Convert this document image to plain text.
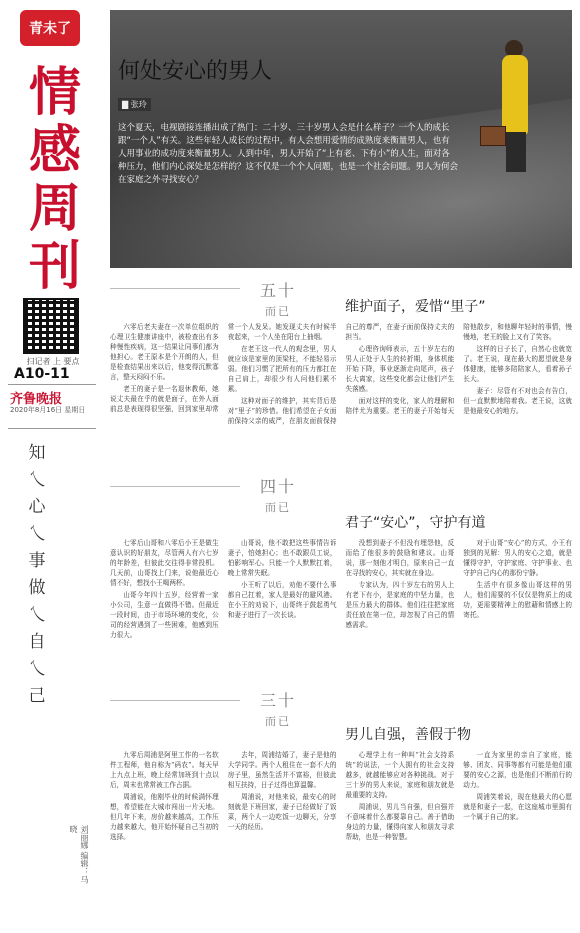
青未了
情
感
周
刊
扫记者 上 要点
A10-11
齐鲁晚报
2020年8月16日 星期日
知
乀
心
乀
事
做
乀
自
乀
己
刘丽娜 编辑：马晓
何处安心的男人
▇ 张玲
这个夏天，电视剧接连播出成了热门：二十岁、三十岁男人会是什么样子？一个人的成长跟“一个人”有关。这些年轻人成长的过程中，有人会想用爱情的成熟度来衡量男人，也有人用事业的成功度来衡量男人。人到中年，男人开始了“上有老、下有小”的人生，面对各种压力，他们内心深处是怎样的？这不仅是一个个人问题，也是一个社会问题。男人为何会在家庭之外寻找安心？
五十
而已	维护面子，爱惜“里子”

六零后老夫妻在一次单位组织的心理卫生健康讲座中，被检查出有多种慢性疾病，这一结果让同事们都为他担心。老王原本是个开朗的人，但是检查结果出来以后，他变得沉默寡言，整天闷闷不乐。

老王的妻子是一名退休教师，她说丈夫最在乎的就是面子，在外人面前总是表现得很坚强，回到家里却常常一个人发呆。她发现丈夫有时候半夜起来，一个人坐在阳台上抽烟。

在老王这一代人的观念里，男人就应该是家里的顶梁柱，不能轻易示弱。他们习惯了把所有的压力都扛在自己肩上，却很少有人问他们累不累。

这种对面子的维护，其实背后是对“里子”的珍惜。他们希望在子女面前保持父亲的威严，在朋友面前保持自己的尊严，在妻子面前保持丈夫的担当。

心理咨询师表示，五十岁左右的男人正处于人生的转折期，身体机能开始下降，事业逐渐走向尾声，孩子长大离家，这些变化都会让他们产生失落感。

面对这样的变化，家人的理解和陪伴尤为重要。老王的妻子开始每天陪他散步，和他聊年轻时的事情，慢慢地，老王的脸上又有了笑容。

这样的日子长了，自然心也就宽了。老王说，现在最大的愿望就是身体健康，能够多陪陪家人，看着孙子长大。

妻子：尽管有不对也会有告白，但一直默默地陪着我。老王说，这就是他最安心的地方。

四十
而已
君子“安心”，守护有道

七零后山哥和八零后小王是做生意认识的好朋友，尽管两人有六七岁的年龄差，但彼此交往得非常投机。几天前，山哥找上门来，说他最近心情不好，想找小王喝两杯。

山哥今年四十五岁，经营着一家小公司，生意一直做得不错。但最近一段时间，由于市场环境的变化，公司的经营遇到了一些困难，他感到压力很大。

山哥说，他不敢把这些事情告诉妻子，怕她担心；也不敢跟员工说，怕影响军心。只能一个人默默扛着，晚上常常失眠。

小王听了以后，劝他不要什么事都自己扛着，家人是最好的避风港。在小王的劝说下，山哥终于鼓起勇气和妻子进行了一次长谈。

没想到妻子不但没有埋怨他，反而给了他很多的鼓励和建议。山哥说，那一刻他才明白，原来自己一直在寻找的安心，其实就在身边。

专家认为，四十岁左右的男人上有老下有小，是家庭的中坚力量，也是压力最大的群体。他们往往把家庭责任放在第一位，却忽视了自己的情感需求。

对于山哥“安心”的方式，小王有独到的见解：男人的安心之道，就是懂得守护，守护家庭、守护事业、也守护自己内心的那份宁静。

生活中有很多像山哥这样的男人，他们需要的不仅仅是物质上的成功，更需要精神上的慰藉和情感上的寄托。

三十
而已
男儿自强，善假于物

九零后周浦是阿里工作的一名软件工程师，他自称为“码农”。每天早上九点上班，晚上经常加班到十点以后，周末也常常被工作占据。

周浦说，他刚毕业的时候满怀理想，希望能在大城市闯出一片天地。但几年下来，房价越来越高，工作压力越来越大，他开始怀疑自己当初的选择。

去年，周浦结婚了，妻子是他的大学同学。两个人租住在一套不大的房子里，虽然生活并不富裕，但彼此相互扶持，日子过得也算温馨。

周浦说，对他来说，最安心的时刻就是下班回家，妻子已经做好了饭菜，两个人一边吃饭一边聊天，分享一天的经历。

心理学上有一种叫“社会支持系统”的说法，一个人拥有的社会支持越多，就越能够应对各种挑战。对于三十岁的男人来说，家庭和朋友就是最重要的支持。

周浦说，男儿当自强，但自强并不意味着什么都要靠自己。善于借助身边的力量，懂得向家人和朋友寻求帮助，也是一种智慧。

一直为家里的亲自了家庭，能够、团友、同事等都有可能是他们重要的安心之源，也是他们不断前行的动力。

周浦笑着说，现在他最大的心愿就是和妻子一起，在这座城市里拥有一个属于自己的家。
